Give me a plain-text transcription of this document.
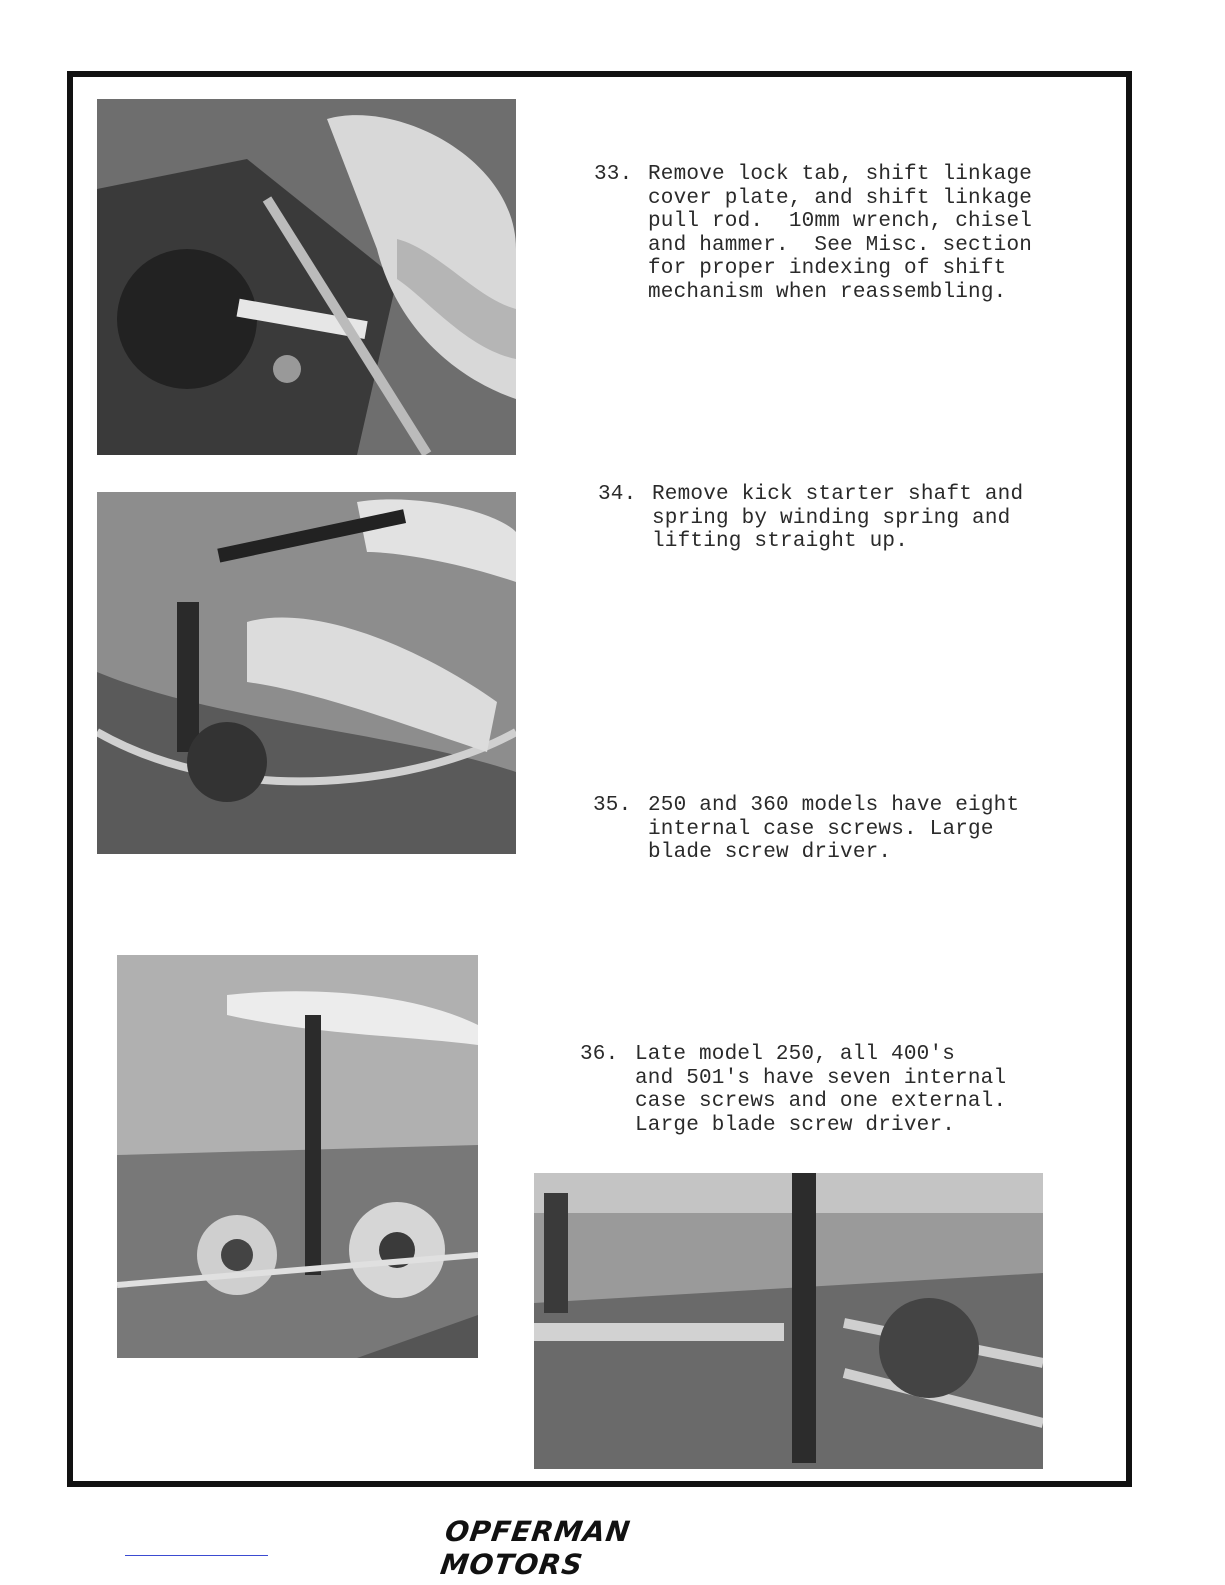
33. Remove lock tab, shift linkage
cover plate, and shift linkage
pull rod.  10mm wrench, chisel
and hammer.  See Misc. section
for proper indexing of shift
mechanism when reassembling.
34. Remove kick starter shaft and
spring by winding spring and
lifting straight up.
35. 250 and 360 models have eight
internal case screws. Large
blade screw driver.
36. Late model 250, all 400's
and 501's have seven internal
case screws and one external.
Large blade screw driver.
OPFERMAN MOTORS
